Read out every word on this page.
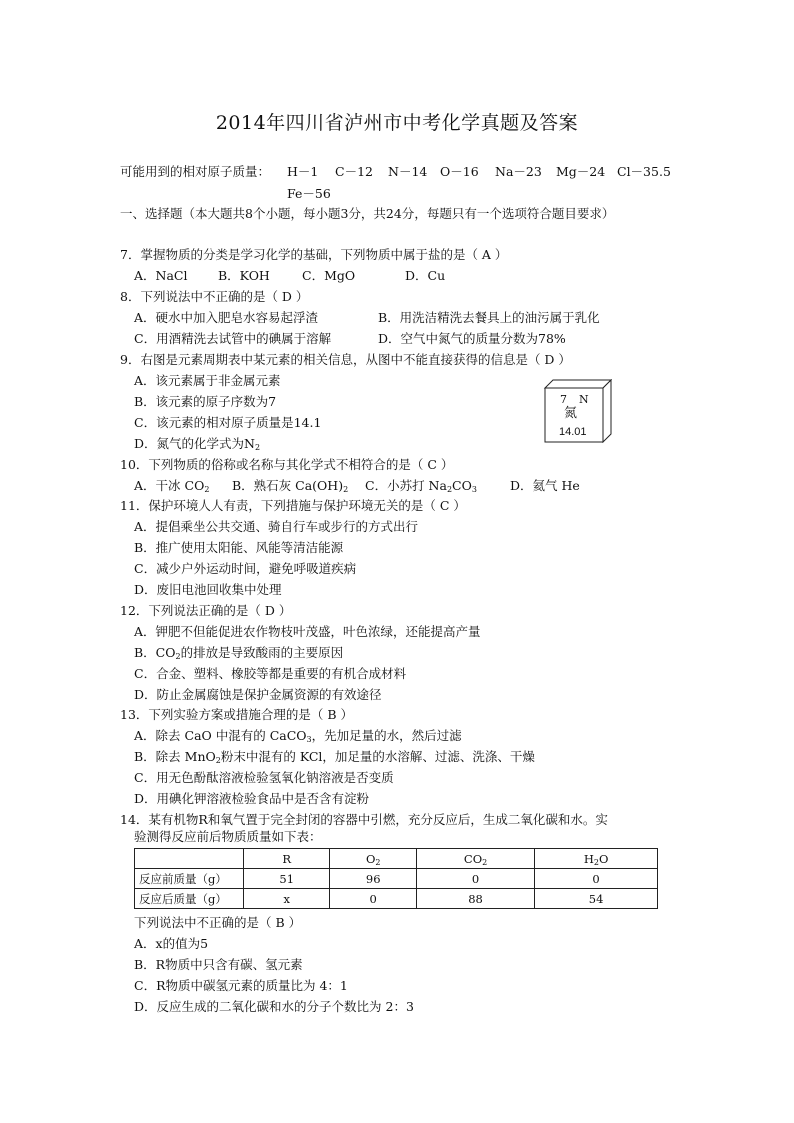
2014年四川省泸州市中考化学真题及答案
可能用到的相对原子质量： H－1 C－12 N－14 O－16 Na－23 Mg－24 Cl－35.5
Fe－56
一、选择题（本大题共8个小题，每小题3分，共24分，每题只有一个选项符合题目要求）
7．掌握物质的分类是学习化学的基础，下列物质中属于盐的是（ A ）
A．NaCl B．KOH	C．MgO	D．Cu
8．下列说法中不正确的是（ D ）
A．硬水中加入肥皂水容易起浮渣	B．用洗洁精洗去餐具上的油污属于乳化
C．用酒精洗去试管中的碘属于溶解	D．空气中氮气的质量分数为78%
9．右图是元素周期表中某元素的相关信息，从图中不能直接获得的信息是（ D ）
A．该元素属于非金属元素
B．该元素的原子序数为7
C．该元素的相对原子质量是14.1
D．氮气的化学式为$N_2$
7 N
氮
14.01
10．下列物质的俗称或名称与其化学式不相符合的是（ C ）
A．干冰 $CO_2$ B．熟石灰 $Ca(OH)_2$ C．小苏打 $Na_2CO_3$	D．氦气 He
11．保护环境人人有责，下列措施与保护环境无关的是（ C ）
A．提倡乘坐公共交通、骑自行车或步行的方式出行
B．推广使用太阳能、风能等清洁能源
C．减少户外运动时间，避免呼吸道疾病
D．废旧电池回收集中处理
12．下列说法正确的是（ D ）
A．钾肥不但能促进农作物枝叶茂盛，叶色浓绿，还能提高产量
B．$CO_2$的排放是导致酸雨的主要原因
C．合金、塑料、橡胶等都是重要的有机合成材料
D．防止金属腐蚀是保护金属资源的有效途径
13．下列实验方案或措施合理的是（ B ）
A．除去 CaO 中混有的 CaCO$_3$，先加足量的水，然后过滤
B．除去 MnO$_2$粉末中混有的 KCl，加足量的水溶解、过滤、洗涤、干燥
C．用无色酚酞溶液检验氢氧化钠溶液是否变质
D．用碘化钾溶液检验食品中是否含有淀粉
14．某有机物R和氧气置于完全封闭的容器中引燃，充分反应后，生成二氧化碳和水。实
验测得反应前后物质质量如下表：
	R	$O_2$	$CO_2$	$H_2O$
反应前质量（g）	51	96	0	0
反应后质量（g）	x	0	88	54
下列说法中不正确的是（ B ）
A．x的值为5
B．R物质中只含有碳、氢元素
C．R物质中碳氢元素的质量比为 4：1
D．反应生成的二氧化碳和水的分子个数比为 2：3
